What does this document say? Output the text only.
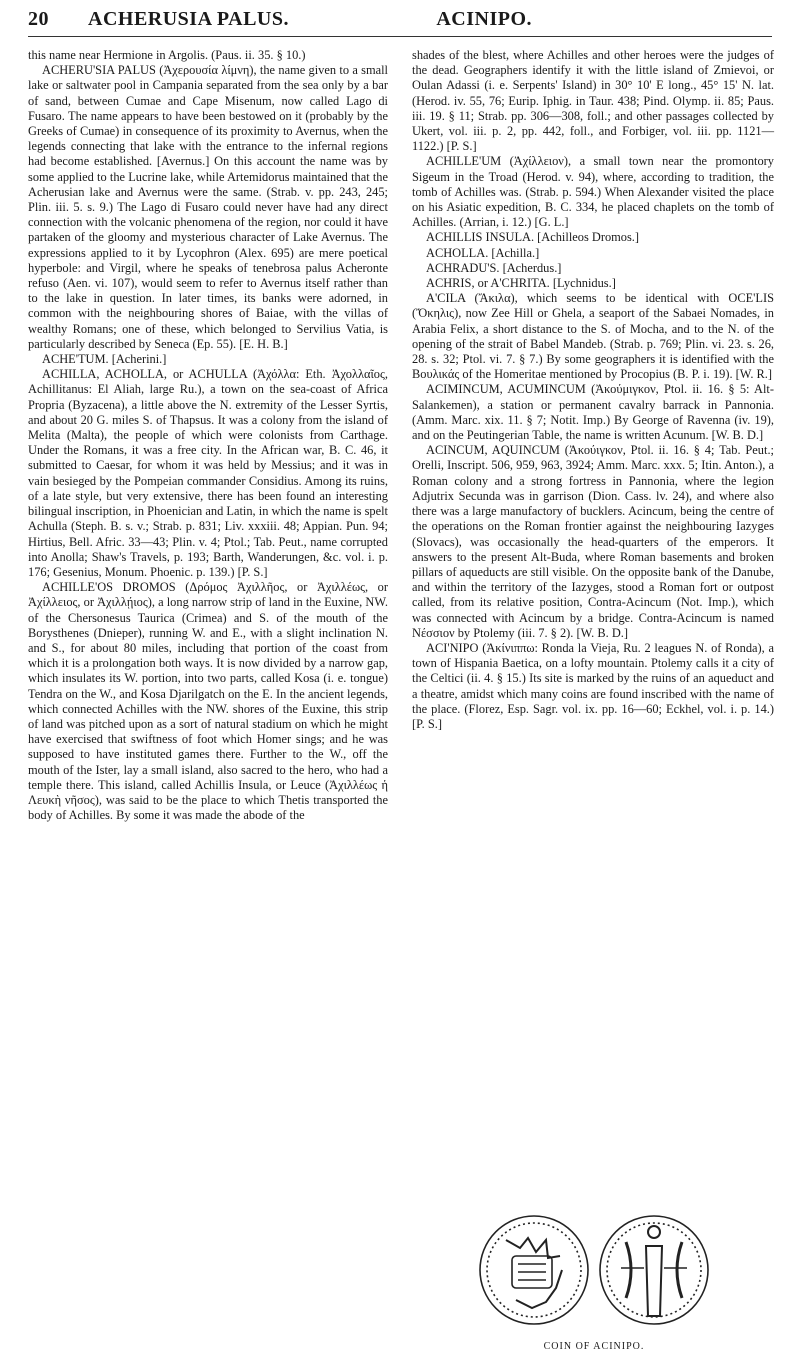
20 ACHERUSIA PALUS.	ACINIPO.

this name near Hermione in Argolis. (Paus. ii. 35. § 10.)

ACHERU'SIA PALUS (Ἀχερουσία λίμνη), the name given to a small lake or saltwater pool in Campania separated from the sea only by a bar of sand, between Cumae and Cape Misenum, now called Lago di Fusaro. The name appears to have been bestowed on it (probably by the Greeks of Cumae) in consequence of its proximity to Avernus, when the legends connecting that lake with the entrance to the infernal regions had become established. [Avernus.] On this account the name was by some applied to the Lucrine lake, while Artemidorus maintained that the Acherusian lake and Avernus were the same. (Strab. v. pp. 243, 245; Plin. iii. 5. s. 9.) The Lago di Fusaro could never have had any direct connection with the volcanic phenomena of the region, nor could it have partaken of the gloomy and mysterious character of Lake Avernus. The expressions applied to it by Lycophron (Alex. 695) are mere poetical hyperbole: and Virgil, where he speaks of tenebrosa palus Acheronte refuso (Aen. vi. 107), would seem to refer to Avernus itself rather than to the lake in question. In later times, its banks were adorned, in common with the neighbouring shores of Baiae, with the villas of wealthy Romans; one of these, which belonged to Servilius Vatia, is particularly described by Seneca (Ep. 55). [E. H. B.]

ACHE'TUM. [Acherini.]

ACHILLA, ACHOLLA, or ACHULLA (Ἀχόλλα: Eth. Ἀχολλαῖος, Achillitanus: El Aliah, large Ru.), a town on the sea-coast of Africa Propria (Byzacena), a little above the N. extremity of the Lesser Syrtis, and about 20 G. miles S. of Thapsus. It was a colony from the island of Melita (Malta), the people of which were colonists from Carthage. Under the Romans, it was a free city. In the African war, B. C. 46, it submitted to Caesar, for whom it was held by Messius; and it was in vain besieged by the Pompeian commander Considius. Among its ruins, of a late style, but very extensive, there has been found an interesting bilingual inscription, in Phoenician and Latin, in which the name is spelt Achulla (Steph. B. s. v.; Strab. p. 831; Liv. xxxiii. 48; Appian. Pun. 94; Hirtius, Bell. Afric. 33—43; Plin. v. 4; Ptol.; Tab. Peut., name corrupted into Anolla; Shaw's Travels, p. 193; Barth, Wanderungen, &c. vol. i. p. 176; Gesenius, Monum. Phoenic. p. 139.) [P. S.]

ACHILLE'OS DROMOS (Δρόμος Ἀχιλλῆος, or Ἀχιλλέως, or Ἀχίλλειος, or Ἀχιλλῄιος), a long narrow strip of land in the Euxine, NW. of the Chersonesus Taurica (Crimea) and S. of the mouth of the Borysthenes (Dnieper), running W. and E., with a slight inclination N. and S., for about 80 miles, including that portion of the coast from which it is a prolongation both ways. It is now divided by a narrow gap, which insulates its W. portion, into two parts, called Kosa (i. e. tongue) Tendra on the W., and Kosa Djarilgatch on the E. In the ancient legends, which connected Achilles with the NW. shores of the Euxine, this strip of land was pitched upon as a sort of natural stadium on which he might have exercised that swiftness of foot which Homer sings; and he was supposed to have instituted games there. Further to the W., off the mouth of the Ister, lay a small island, also sacred to the hero, who had a temple there. This island, called Achillis Insula, or Leuce (Ἀχιλλέως ἡ Λευκὴ νῆσος), was said to be the place to which Thetis transported the body of Achilles. By some it was made the abode of the

shades of the blest, where Achilles and other heroes were the judges of the dead. Geographers identify it with the little island of Zmievoi, or Oulan Adassi (i. e. Serpents' Island) in 30° 10' E long., 45° 15' N. lat. (Herod. iv. 55, 76; Eurip. Iphig. in Taur. 438; Pind. Olymp. ii. 85; Paus. iii. 19. § 11; Strab. pp. 306—308, foll.; and other passages collected by Ukert, vol. iii. p. 2, pp. 442, foll., and Forbiger, vol. iii. pp. 1121—1122.) [P. S.]

ACHILLE'UM (Ἀχίλλειον), a small town near the promontory Sigeum in the Troad (Herod. v. 94), where, according to tradition, the tomb of Achilles was. (Strab. p. 594.) When Alexander visited the place on his Asiatic expedition, B. C. 334, he placed chaplets on the tomb of Achilles. (Arrian, i. 12.) [G. L.]

ACHILLIS INSULA. [Achilleos Dromos.]

ACHOLLA. [Achilla.]

ACHRADU'S. [Acherdus.]

ACHRIS, or A'CHRITA. [Lychnidus.]

A'CILA (Ἄκιλα), which seems to be identical with OCE'LIS (Ὄκηλις), now Zee Hill or Ghela, a seaport of the Sabaei Nomades, in Arabia Felix, a short distance to the S. of Mocha, and to the N. of the opening of the strait of Babel Mandeb. (Strab. p. 769; Plin. vi. 23. s. 26, 28. s. 32; Ptol. vi. 7. § 7.) By some geographers it is identified with the Βουλικάς of the Homeritae mentioned by Procopius (B. P. i. 19). [W. R.]

ACIMINCUM, ACUMINCUM (Ἀκούμιγκον, Ptol. ii. 16. § 5: Alt-Salankemen), a station or permanent cavalry barrack in Pannonia. (Amm. Marc. xix. 11. § 7; Notit. Imp.) By George of Ravenna (iv. 19), and on the Peutingerian Table, the name is written Acunum. [W. B. D.]

ACINCUM, AQUINCUM (Ἀκούιγκον, Ptol. ii. 16. § 4; Tab. Peut.; Orelli, Inscript. 506, 959, 963, 3924; Amm. Marc. xxx. 5; Itin. Anton.), a Roman colony and a strong fortress in Pannonia, where the legion Adjutrix Secunda was in garrison (Dion. Cass. lv. 24), and where also there was a large manufactory of bucklers. Acincum, being the centre of the operations on the Roman frontier against the neighbouring Iazyges (Slovacs), was occasionally the head-quarters of the emperors. It answers to the present Alt-Buda, where Roman basements and broken pillars of aqueducts are still visible. On the opposite bank of the Danube, and within the territory of the Iazyges, stood a Roman fort or outpost called, from its relative position, Contra-Acincum (Not. Imp.), which was connected with Acincum by a bridge. Contra-Acincum is named Νέσσιον by Ptolemy (iii. 7. § 2). [W. B. D.]

ACI'NIPO (Ἀκίνιππω: Ronda la Vieja, Ru. 2 leagues N. of Ronda), a town of Hispania Baetica, on a lofty mountain. Ptolemy calls it a city of the Celtici (ii. 4. § 15.) Its site is marked by the ruins of an aqueduct and a theatre, amidst which many coins are found inscribed with the name of the place. (Florez, Esp. Sagr. vol. ix. pp. 16—60; Eckhel, vol. i. p. 14.) [P. S.]

COIN OF ACINIPO.
